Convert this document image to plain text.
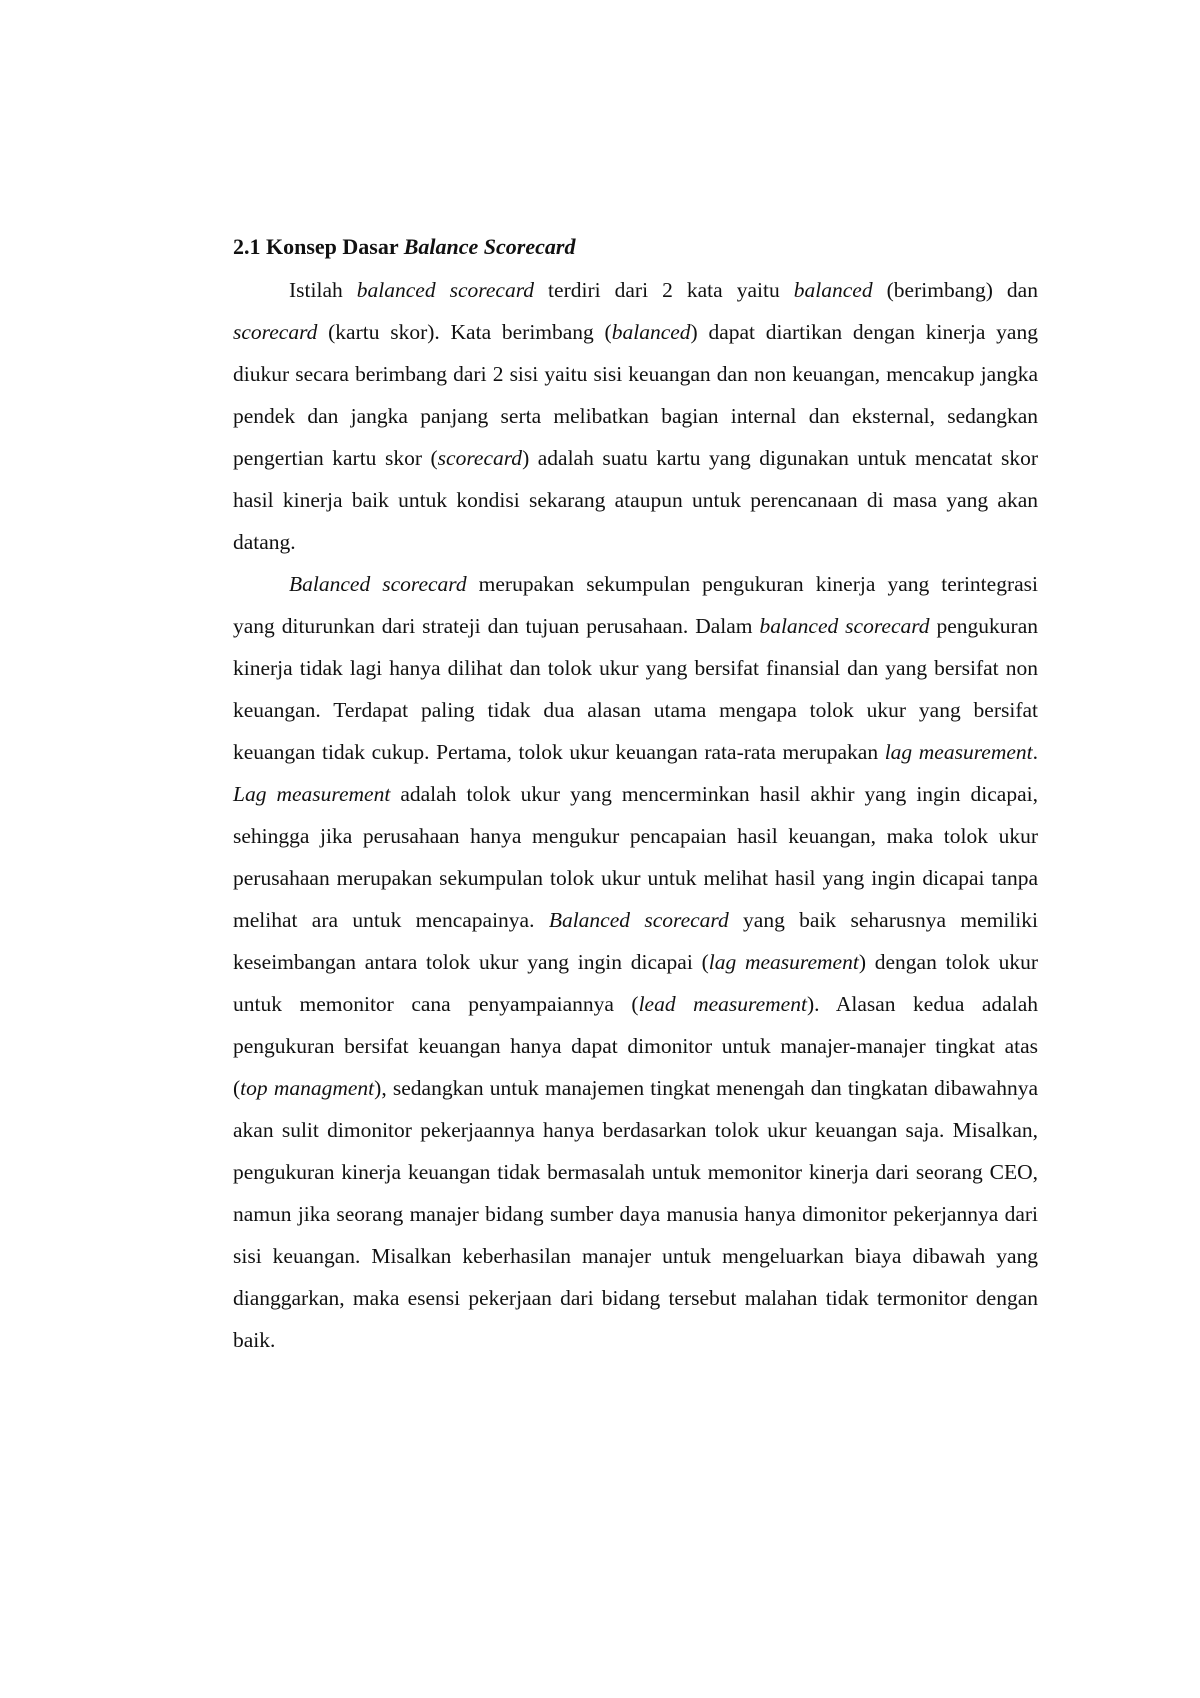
2.1 Konsep Dasar Balance Scorecard

Istilah balanced scorecard terdiri dari 2 kata yaitu balanced (berimbang) dan scorecard (kartu skor). Kata berimbang (balanced) dapat diartikan dengan kinerja yang diukur secara berimbang dari 2 sisi yaitu sisi keuangan dan non keuangan, mencakup jangka pendek dan jangka panjang serta melibatkan bagian internal dan eksternal, sedangkan pengertian kartu skor (scorecard) adalah suatu kartu yang digunakan untuk mencatat skor hasil kinerja baik untuk kondisi sekarang ataupun untuk perencanaan di masa yang akan datang.

Balanced scorecard merupakan sekumpulan pengukuran kinerja yang terintegrasi yang diturunkan dari strateji dan tujuan perusahaan. Dalam balanced scorecard pengukuran kinerja tidak lagi hanya dilihat dan tolok ukur yang bersifat finansial dan yang bersifat non keuangan. Terdapat paling tidak dua alasan utama mengapa tolok ukur yang bersifat keuangan tidak cukup. Pertama, tolok ukur keuangan rata-rata merupakan lag measurement. Lag measurement adalah tolok ukur yang mencerminkan hasil akhir yang ingin dicapai, sehingga jika perusahaan hanya mengukur pencapaian hasil keuangan, maka tolok ukur perusahaan merupakan sekumpulan tolok ukur untuk melihat hasil yang ingin dicapai tanpa melihat ara untuk mencapainya. Balanced scorecard yang baik seharusnya memiliki keseimbangan antara tolok ukur yang ingin dicapai (lag measurement) dengan tolok ukur untuk memonitor cana penyampaiannya (lead measurement). Alasan kedua adalah pengukuran bersifat keuangan hanya dapat dimonitor untuk manajer-manajer tingkat atas (top managment), sedangkan untuk manajemen tingkat menengah dan tingkatan dibawahnya akan sulit dimonitor pekerjaannya hanya berdasarkan tolok ukur keuangan saja. Misalkan, pengukuran kinerja keuangan tidak bermasalah untuk memonitor kinerja dari seorang CEO, namun jika seorang manajer bidang sumber daya manusia hanya dimonitor pekerjannya dari sisi keuangan. Misalkan keberhasilan manajer untuk mengeluarkan biaya dibawah yang dianggarkan, maka esensi pekerjaan dari bidang tersebut malahan tidak termonitor dengan baik.
